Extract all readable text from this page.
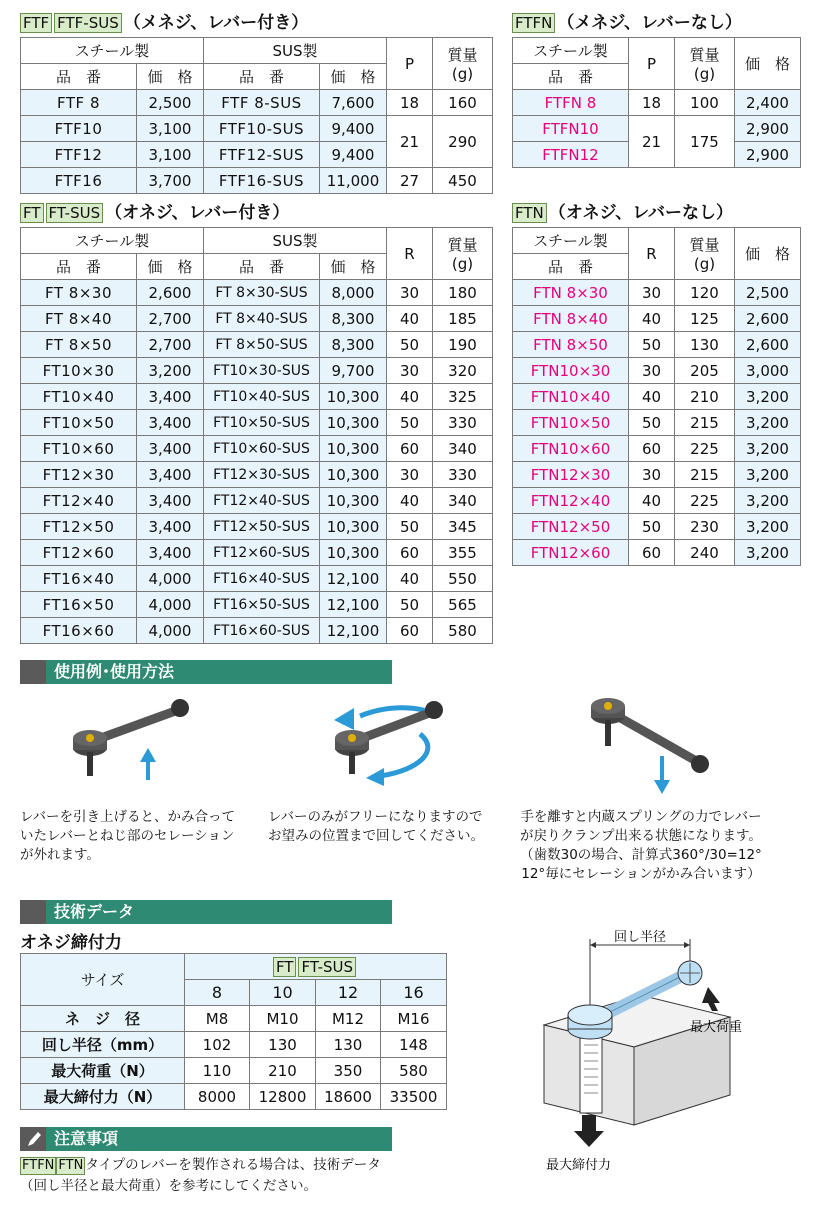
FTF FTF-SUS （メネジ、レバー付き）
スチール製		SUS製		P	質量
(g)
品　番	価　格	品　番	価　格		
FTF 8	2,500	FTF 8-SUS	7,600	18	160
FTF10	3,100	FTF10-SUS	9,400	21	290
FTF12	3,100	FTF12-SUS	9,400		
FTF16	3,700	FTF16-SUS	11,000	27	450
FTFN （メネジ、レバーなし）
スチール製	P	質量
(g)	価　格
品　番			
FTFN 8	18	100	2,400
FTFN10	21	175	2,900
FTFN12			2,900
FT FT-SUS （オネジ、レバー付き）
スチール製		SUS製		R	質量
(g)
品　番	価　格	品　番	価　格		
FT 8×30	2,600	FT 8×30-SUS	8,000	30	180
FT 8×40	2,700	FT 8×40-SUS	8,300	40	185
FT 8×50	2,700	FT 8×50-SUS	8,300	50	190
FT10×30	3,200	FT10×30-SUS	9,700	30	320
FT10×40	3,400	FT10×40-SUS	10,300	40	325
FT10×50	3,400	FT10×50-SUS	10,300	50	330
FT10×60	3,400	FT10×60-SUS	10,300	60	340
FT12×30	3,400	FT12×30-SUS	10,300	30	330
FT12×40	3,400	FT12×40-SUS	10,300	40	340
FT12×50	3,400	FT12×50-SUS	10,300	50	345
FT12×60	3,400	FT12×60-SUS	10,300	60	355
FT16×40	4,000	FT16×40-SUS	12,100	40	550
FT16×50	4,000	FT16×50-SUS	12,100	50	565
FT16×60	4,000	FT16×60-SUS	12,100	60	580
FTN （オネジ、レバーなし）
スチール製	R	質量
(g)	価　格
品　番			
FTN 8×30	30	120	2,500
FTN 8×40	40	125	2,600
FTN 8×50	50	130	2,600
FTN10×30	30	205	3,000
FTN10×40	40	210	3,200
FTN10×50	50	215	3,200
FTN10×60	60	225	3,200
FTN12×30	30	215	3,200
FTN12×40	40	225	3,200
FTN12×50	50	230	3,200
FTN12×60	60	240	3,200
使用例･使用方法
レバーを引き上げると、かみ合って
いたレバーとねじ部のセレーション
が外れます。
レバーのみがフリーになりますので
お望みの位置まで回してください。
手を離すと内蔵スプリングの力でレバー
が戻りクランプ出来る状態になります。
（歯数30の場合、計算式360°/30=12°
12°毎にセレーションがかみ合います）
技術データ
オネジ締付力
サイズ	FT FT-SUS			
	8	10	12	16
ネ　ジ　径	M8	M10	M12	M16
回し半径（mm）	102	130	130	148
最大荷重（N）	110	210	350	580
最大締付力（N）	8000	12800	18600	33500
回し半径
最大荷重
最大締付力
注意事項
FTFN FTN タイプのレバーを製作される場合は、技術データ
（回し半径と最大荷重）を参考にしてください。
